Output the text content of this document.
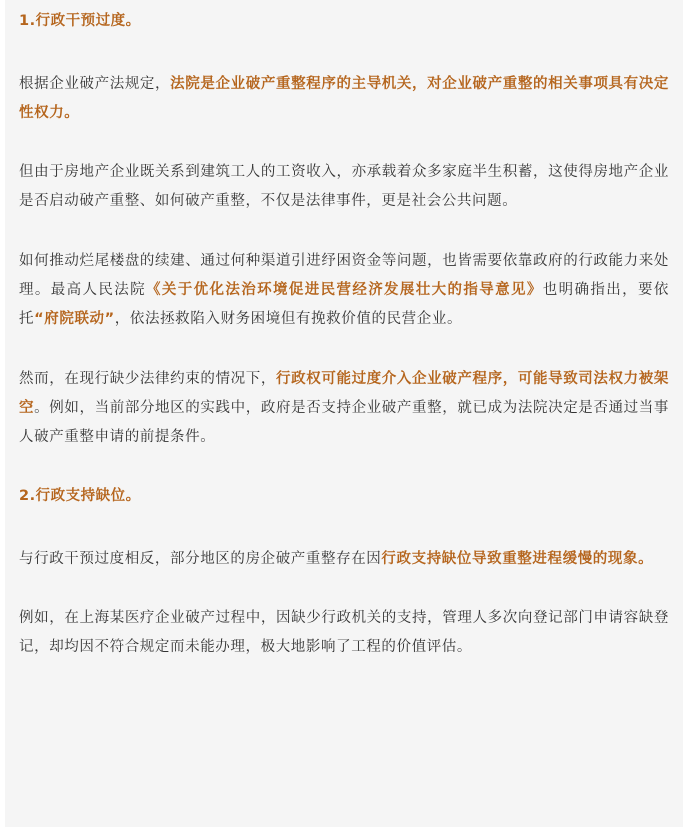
1.行政干预过度。

根据企业破产法规定，法院是企业破产重整程序的主导机关，对企业破产重整的相关事项具有决定性权力。

但由于房地产企业既关系到建筑工人的工资收入，亦承载着众多家庭半生积蓄，这使得房地产企业是否启动破产重整、如何破产重整，不仅是法律事件，更是社会公共问题。

如何推动烂尾楼盘的续建、通过何种渠道引进纾困资金等问题，也皆需要依靠政府的行政能力来处理。最高人民法院《关于优化法治环境促进民营经济发展壮大的指导意见》也明确指出，要依托“府院联动”，依法拯救陷入财务困境但有挽救价值的民营企业。

然而，在现行缺少法律约束的情况下，行政权可能过度介入企业破产程序，可能导致司法权力被架空。例如，当前部分地区的实践中，政府是否支持企业破产重整，就已成为法院决定是否通过当事人破产重整申请的前提条件。

2.行政支持缺位。

与行政干预过度相反，部分地区的房企破产重整存在因行政支持缺位导致重整进程缓慢的现象。

例如，在上海某医疗企业破产过程中，因缺少行政机关的支持，管理人多次向登记部门申请容缺登记，却均因不符合规定而未能办理，极大地影响了工程的价值评估。
